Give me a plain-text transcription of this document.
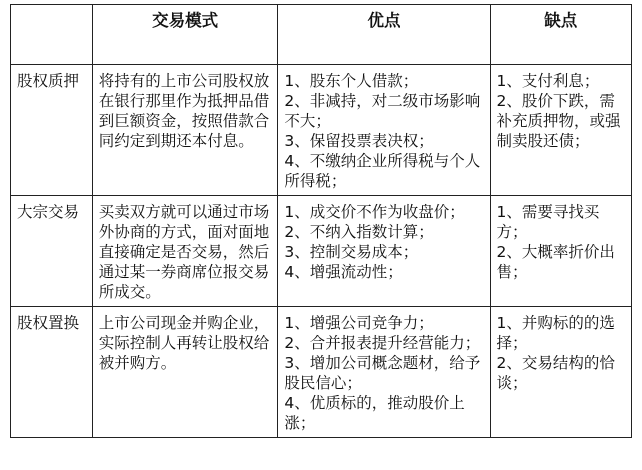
	交易模式	优点	缺点
股权质押	将持有的上市公司股权放在银行那里作为抵押品借到巨额资金，按照借款合同约定到期还本付息。	1、股东个人借款；
2、非减持，对二级市场影响不大；
3、保留投票表决权；
4、不缴纳企业所得税与个人所得税；	1、支付利息；
2、股价下跌，需补充质押物，或强制卖股还债；
大宗交易	买卖双方就可以通过市场外协商的方式，面对面地直接确定是否交易，然后通过某一券商席位报交易所成交。	1、成交价不作为收盘价；
2、不纳入指数计算；
3、控制交易成本；
4、增强流动性；	1、需要寻找买方；
2、大概率折价出售；
股权置换	上市公司现金并购企业，实际控制人再转让股权给被并购方。	1、增强公司竞争力；
2、合并报表提升经营能力；
3、增加公司概念题材，给予股民信心；
4、优质标的，推动股价上涨；	1、并购标的的选择；
2、交易结构的恰谈；
